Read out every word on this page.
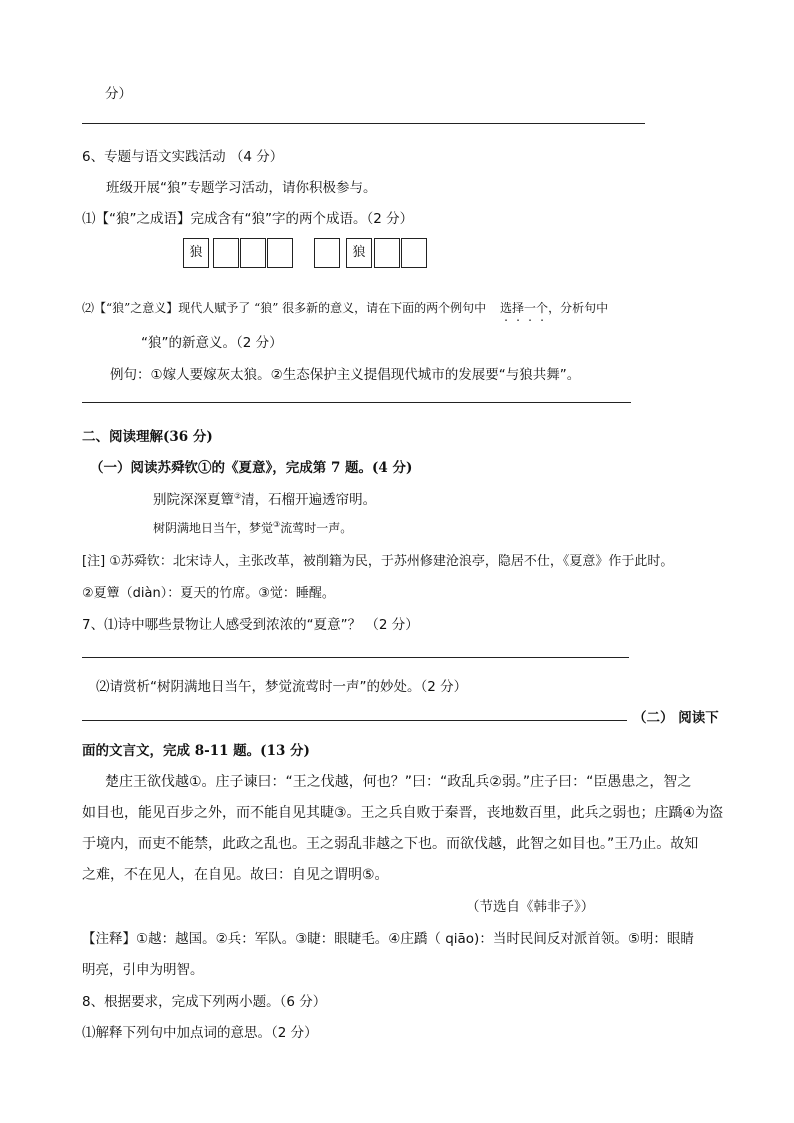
分）
6、专题与语文实践活动 （4 分）
班级开展“狼”专题学习活动，请你积极参与。
⑴【“狼”之成语】完成含有“狼”字的两个成语。（2 分）
狼	狼
⑵【“狼”之意义】现代人赋予了 “狼” 很多新的意义，请在下面的两个例句中 选择一个，分析句中
“狼”的新意义。（2 分）
例句：①嫁人要嫁灰太狼。②生态保护主义提倡现代城市的发展要“与狼共舞”。
二、阅读理解(36 分)
（一）阅读苏舜钦①的《夏意》，完成第 7 题。(4 分)
别院深深夏簟②清，石榴开遍透帘明。
树阴满地日当午，梦觉③流莺时一声。
[注] ①苏舜钦：北宋诗人，主张改革，被削籍为民，于苏州修建沧浪亭，隐居不仕，《夏意》作于此时。
②夏簟（diàn）：夏天的竹席。③觉：睡醒。
7、⑴诗中哪些景物让人感受到浓浓的“夏意”？ （2 分）
⑵请赏析“树阴满地日当午，梦觉流莺时一声”的妙处。（2 分）
（二） 阅读下
面的文言文，完成 8-11 题。(13 分)
楚庄王欲伐越①。庄子谏曰：“王之伐越，何也？”曰：“政乱兵②弱。”庄子曰：“臣愚患之，智之
如目也，能见百步之外，而不能自见其睫③。王之兵自败于秦晋，丧地数百里，此兵之弱也；庄蹻④为盗
于境内，而吏不能禁，此政之乱也。王之弱乱非越之下也。而欲伐越，此智之如目也。”王乃止。故知
之难，不在见人，在自见。故曰：自见之谓明⑤。
（节选自《韩非子》）
【注释】①越：越国。②兵：军队。③睫：眼睫毛。④庄蹻（ qiāo)：当时民间反对派首领。⑤明：眼睛
明亮，引申为明智。
8、根据要求，完成下列两小题。（6 分）
⑴解释下列句中加点词的意思。（2 分）
